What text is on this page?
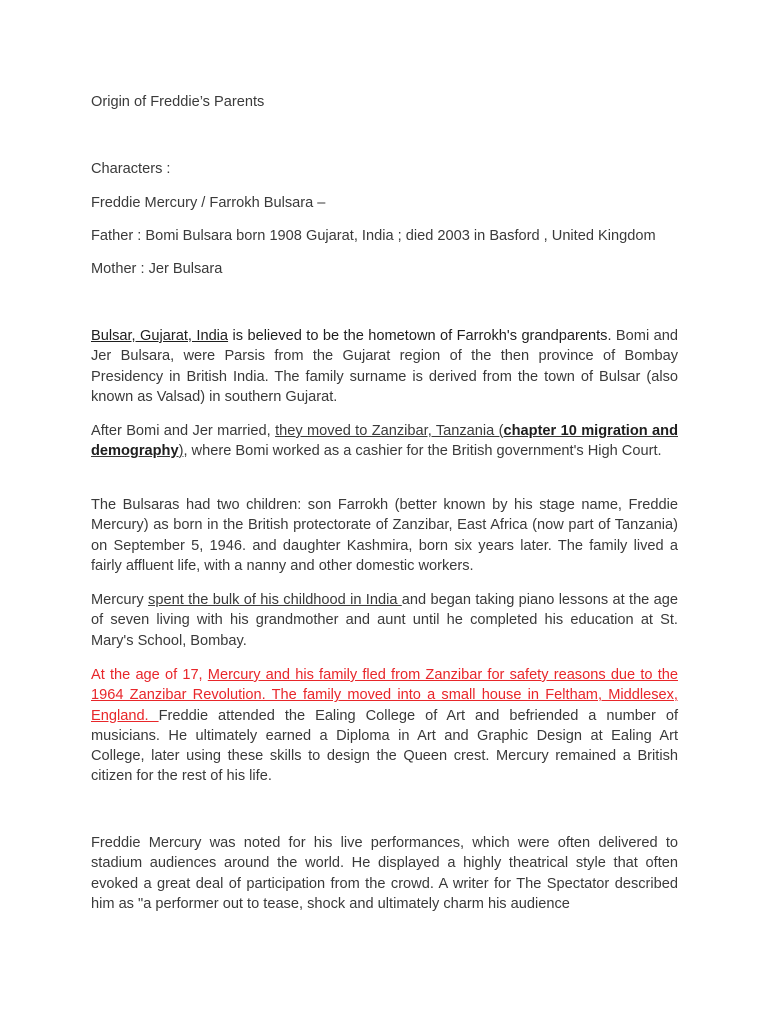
Origin of Freddie’s Parents
Characters :
Freddie Mercury / Farrokh Bulsara –
Father : Bomi Bulsara born 1908 Gujarat, India ; died 2003 in Basford , United Kingdom
Mother : Jer Bulsara
Bulsar, Gujarat, India is believed to be the hometown of Farrokh's grandparents. Bomi and Jer Bulsara, were Parsis from the Gujarat region of the then province of Bombay Presidency in British India. The family surname is derived from the town of Bulsar (also known as Valsad) in southern Gujarat.
After Bomi and Jer married, they moved to Zanzibar, Tanzania (chapter 10 migration and demography), where Bomi worked as a cashier for the British government's High Court.
The Bulsaras had two children: son Farrokh (better known by his stage name, Freddie Mercury) as born in the British protectorate of Zanzibar, East Africa (now part of Tanzania) on September 5, 1946. and daughter Kashmira, born six years later. The family lived a fairly affluent life, with a nanny and other domestic workers.
Mercury spent the bulk of his childhood in India and began taking piano lessons at the age of seven living with his grandmother and aunt until he completed his education at St. Mary's School, Bombay.
At the age of 17, Mercury and his family fled from Zanzibar for safety reasons due to the 1964 Zanzibar Revolution. The family moved into a small house in Feltham, Middlesex, England. Freddie attended the Ealing College of Art and befriended a number of musicians. He ultimately earned a Diploma in Art and Graphic Design at Ealing Art College, later using these skills to design the Queen crest. Mercury remained a British citizen for the rest of his life.
Freddie Mercury was noted for his live performances, which were often delivered to stadium audiences around the world. He displayed a highly theatrical style that often evoked a great deal of participation from the crowd. A writer for The Spectator described him as "a performer out to tease, shock and ultimately charm his audience
